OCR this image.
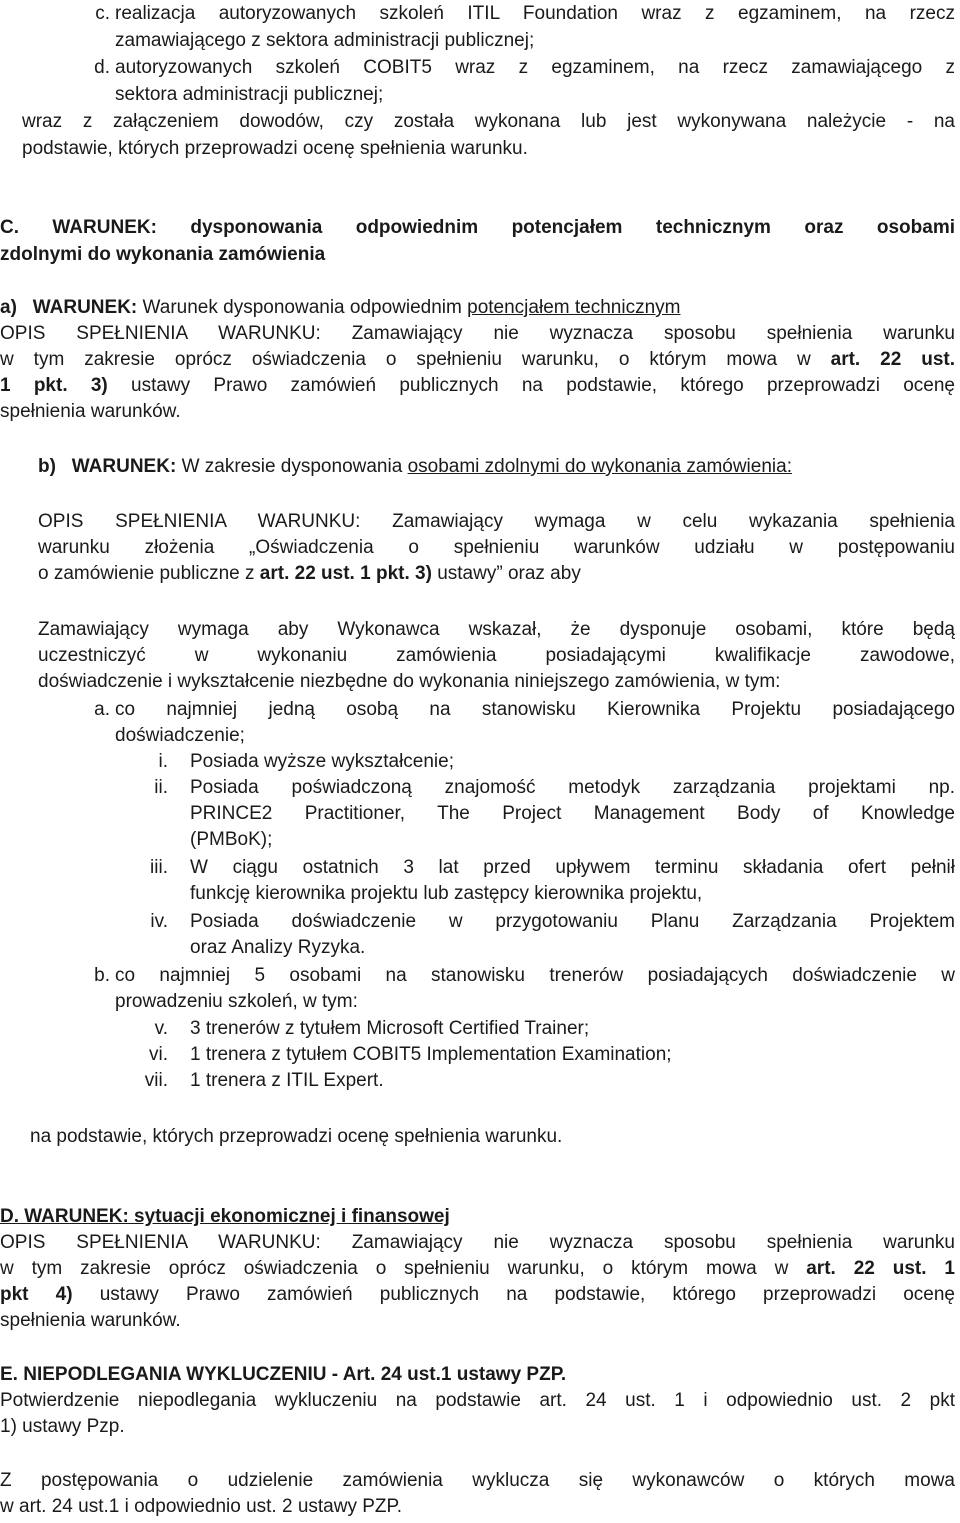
c. realizacja autoryzowanych szkoleń ITIL Foundation wraz z egzaminem, na rzecz
zamawiającego z sektora administracji publicznej;
d. autoryzowanych szkoleń COBIT5 wraz z egzaminem, na rzecz zamawiającego z
sektora administracji publicznej;
wraz z załączeniem dowodów, czy została wykonana lub jest wykonywana należycie - na
podstawie, których przeprowadzi ocenę spełnienia warunku.
C. WARUNEK: dysponowania odpowiednim potencjałem technicznym oraz osobami
zdolnymi do wykonania zamówienia
a) WARUNEK: Warunek dysponowania odpowiednim potencjałem technicznym
OPIS SPEŁNIENIA WARUNKU: Zamawiający nie wyznacza sposobu spełnienia warunku
w tym zakresie oprócz oświadczenia o spełnieniu warunku, o którym mowa w art. 22 ust.
1 pkt. 3) ustawy Prawo zamówień publicznych na podstawie, którego przeprowadzi ocenę
spełnienia warunków.
b) WARUNEK: W zakresie dysponowania osobami zdolnymi do wykonania zamówienia:
OPIS SPEŁNIENIA WARUNKU: Zamawiający wymaga w celu wykazania spełnienia
warunku złożenia „Oświadczenia o spełnieniu warunków udziału w postępowaniu
o zamówienie publiczne z art. 22 ust. 1 pkt. 3) ustawy” oraz aby
Zamawiający wymaga aby Wykonawca wskazał, że dysponuje osobami, które będą
uczestniczyć w wykonaniu zamówienia posiadającymi kwalifikacje zawodowe,
doświadczenie i wykształcenie niezbędne do wykonania niniejszego zamówienia, w tym:
a. co najmniej jedną osobą na stanowisku Kierownika Projektu posiadającego
doświadczenie;
i. Posiada wyższe wykształcenie;
ii. Posiada poświadczoną znajomość metodyk zarządzania projektami np.
PRINCE2 Practitioner, The Project Management Body of Knowledge
(PMBoK);
iii. W ciągu ostatnich 3 lat przed upływem terminu składania ofert pełnił
funkcję kierownika projektu lub zastępcy kierownika projektu,
iv. Posiada doświadczenie w przygotowaniu Planu Zarządzania Projektem
oraz Analizy Ryzyka.
b. co najmniej 5 osobami na stanowisku trenerów posiadających doświadczenie w
prowadzeniu szkoleń, w tym:
v. 3 trenerów z tytułem Microsoft Certified Trainer;
vi. 1 trenera z tytułem COBIT5 Implementation Examination;
vii. 1 trenera z ITIL Expert.
na podstawie, których przeprowadzi ocenę spełnienia warunku.
D. WARUNEK: sytuacji ekonomicznej i finansowej
OPIS SPEŁNIENIA WARUNKU: Zamawiający nie wyznacza sposobu spełnienia warunku
w tym zakresie oprócz oświadczenia o spełnieniu warunku, o którym mowa w art. 22 ust. 1
pkt 4) ustawy Prawo zamówień publicznych na podstawie, którego przeprowadzi ocenę
spełnienia warunków.
E. NIEPODLEGANIA WYKLUCZENIU - Art. 24 ust.1 ustawy PZP.
Potwierdzenie niepodlegania wykluczeniu na podstawie art. 24 ust. 1 i odpowiednio ust. 2 pkt
1) ustawy Pzp.
Z postępowania o udzielenie zamówienia wyklucza się wykonawców o których mowa
w art. 24 ust.1 i odpowiednio ust. 2 ustawy PZP.
